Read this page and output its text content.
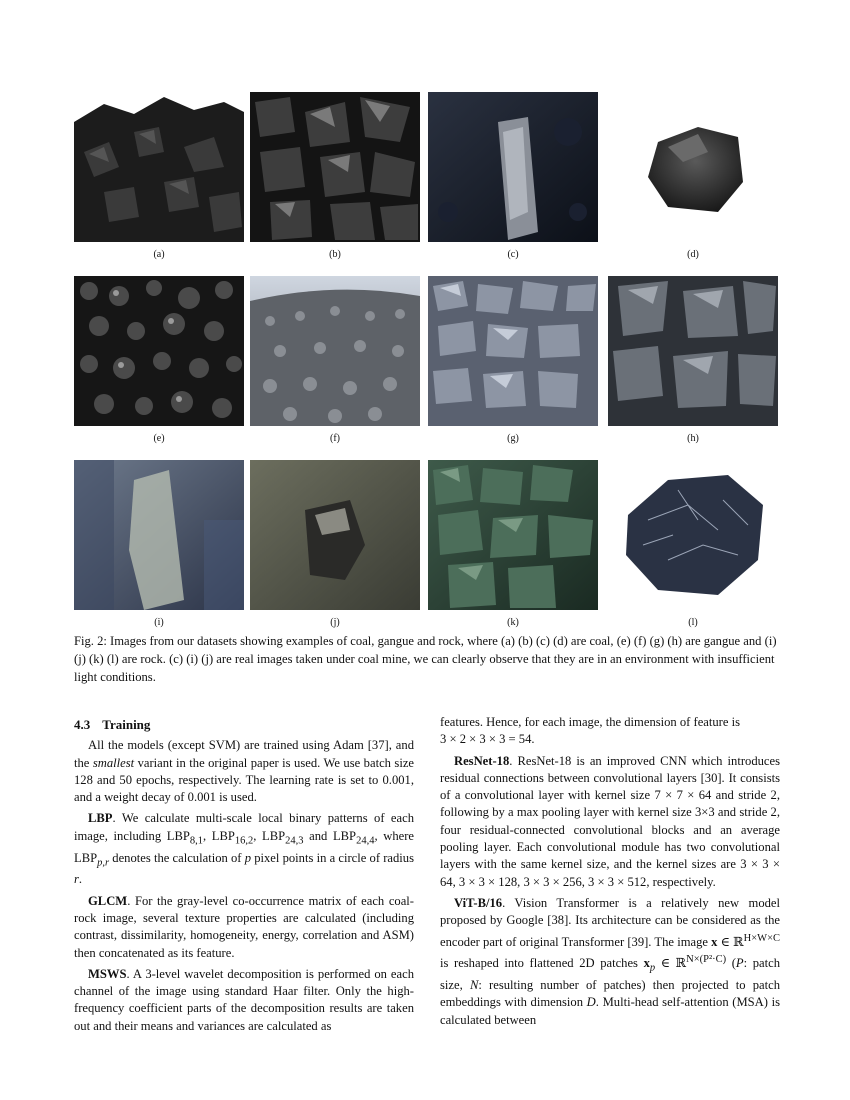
(a)	(b)	(c)	(d)
(e)	(f)	(g)	(h)
(i)	(j)	(k)	(l)
Fig. 2: Images from our datasets showing examples of coal, gangue and rock, where (a) (b) (c) (d) are coal, (e) (f) (g) (h) are gangue and (i) (j) (k) (l) are rock. (c) (i) (j) are real images taken under coal mine, we can clearly observe that they are in an environment with insufficient light conditions.
4.3 Training

All the models (except SVM) are trained using Adam [37], and the smallest variant in the original paper is used. We use batch size 128 and 50 epochs, respectively. The learning rate is set to 0.001, and a weight decay of 0.001 is used.

LBP. We calculate multi-scale local binary patterns of each image, including $LBP_{8,1}$, $LBP_{16,2}$, $LBP_{24,3}$ and $LBP_{24,4}$, where $LBP_{p,r}$ denotes the calculation of p pixel points in a circle of radius r.

GLCM. For the gray-level co-occurrence matrix of each coal-rock image, several texture properties are calculated (including contrast, dissimilarity, homogeneity, energy, correlation and ASM) then concatenated as its feature.

MSWS. A 3-level wavelet decomposition is performed on each channel of the image using standard Haar filter. Only the high-frequency coefficient parts of the decomposition results are taken out and their means and variances are calculated as

features. Hence, for each image, the dimension of feature is
3 × 2 × 3 × 3 = 54.

ResNet-18. ResNet-18 is an improved CNN which introduces residual connections between convolutional layers [30]. It consists of a convolutional layer with kernel size 7 × 7 × 64 and stride 2, following by a max pooling layer with kernel size 3×3 and stride 2, four residual-connected convolutional blocks and an average pooling layer. Each convolutional module has two convolutional layers with the same kernel size, and the kernel sizes are 3 × 3 × 64, 3 × 3 × 128, 3 × 3 × 256, 3 × 3 × 512, respectively.

ViT-B/16. Vision Transformer is a relatively new model proposed by Google [38]. Its architecture can be considered as the encoder part of original Transformer [39]. The image x ∈ ℝ$^{H\times W\times C}$ is reshaped into flattened 2D patches $x_p$ ∈ ℝ$^{N\times(P^2\cdot C)}$ (P: patch size, N: resulting number of patches) then projected to patch embeddings with dimension D. Multi-head self-attention (MSA) is calculated between
